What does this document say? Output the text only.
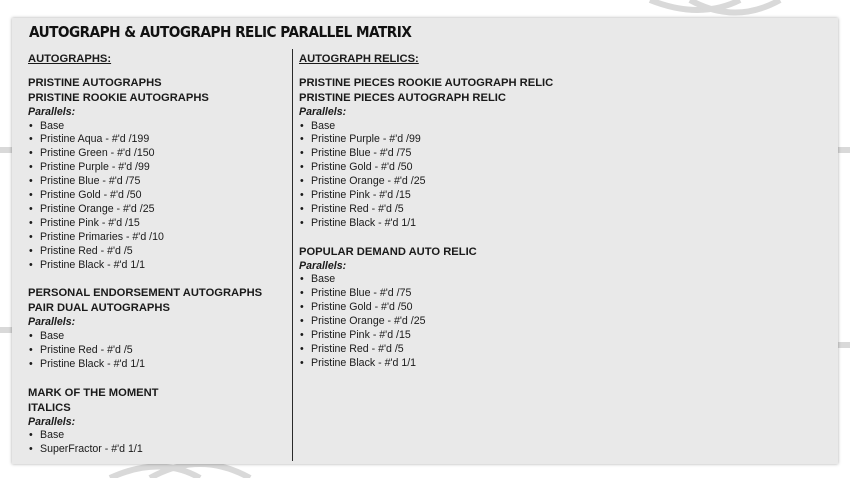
AUTOGRAPH & AUTOGRAPH RELIC PARALLEL MATRIX
AUTOGRAPHS:
PRISTINE AUTOGRAPHS
PRISTINE ROOKIE AUTOGRAPHS
Parallels:
• Base
• Pristine Aqua - #'d /199
• Pristine Green - #'d /150
• Pristine Purple - #'d /99
• Pristine Blue - #'d /75
• Pristine Gold - #'d /50
• Pristine Orange - #'d /25
• Pristine Pink - #'d /15
• Pristine Primaries - #'d /10
• Pristine Red - #'d /5
• Pristine Black - #'d 1/1
PERSONAL ENDORSEMENT AUTOGRAPHS
PAIR DUAL AUTOGRAPHS
Parallels:
• Base
• Pristine Red - #'d /5
• Pristine Black - #'d 1/1
MARK OF THE MOMENT
ITALICS
Parallels:
• Base
• SuperFractor - #'d 1/1
AUTOGRAPH RELICS:
PRISTINE PIECES ROOKIE AUTOGRAPH RELIC
PRISTINE PIECES AUTOGRAPH RELIC
Parallels:
• Base
• Pristine Purple - #'d /99
• Pristine Blue - #'d /75
• Pristine Gold - #'d /50
• Pristine Orange - #'d /25
• Pristine Pink - #'d /15
• Pristine Red - #'d /5
• Pristine Black - #'d 1/1
POPULAR DEMAND AUTO RELIC
Parallels:
• Base
• Pristine Blue - #'d /75
• Pristine Gold - #'d /50
• Pristine Orange - #'d /25
• Pristine Pink - #'d /15
• Pristine Red - #'d /5
• Pristine Black - #'d 1/1
